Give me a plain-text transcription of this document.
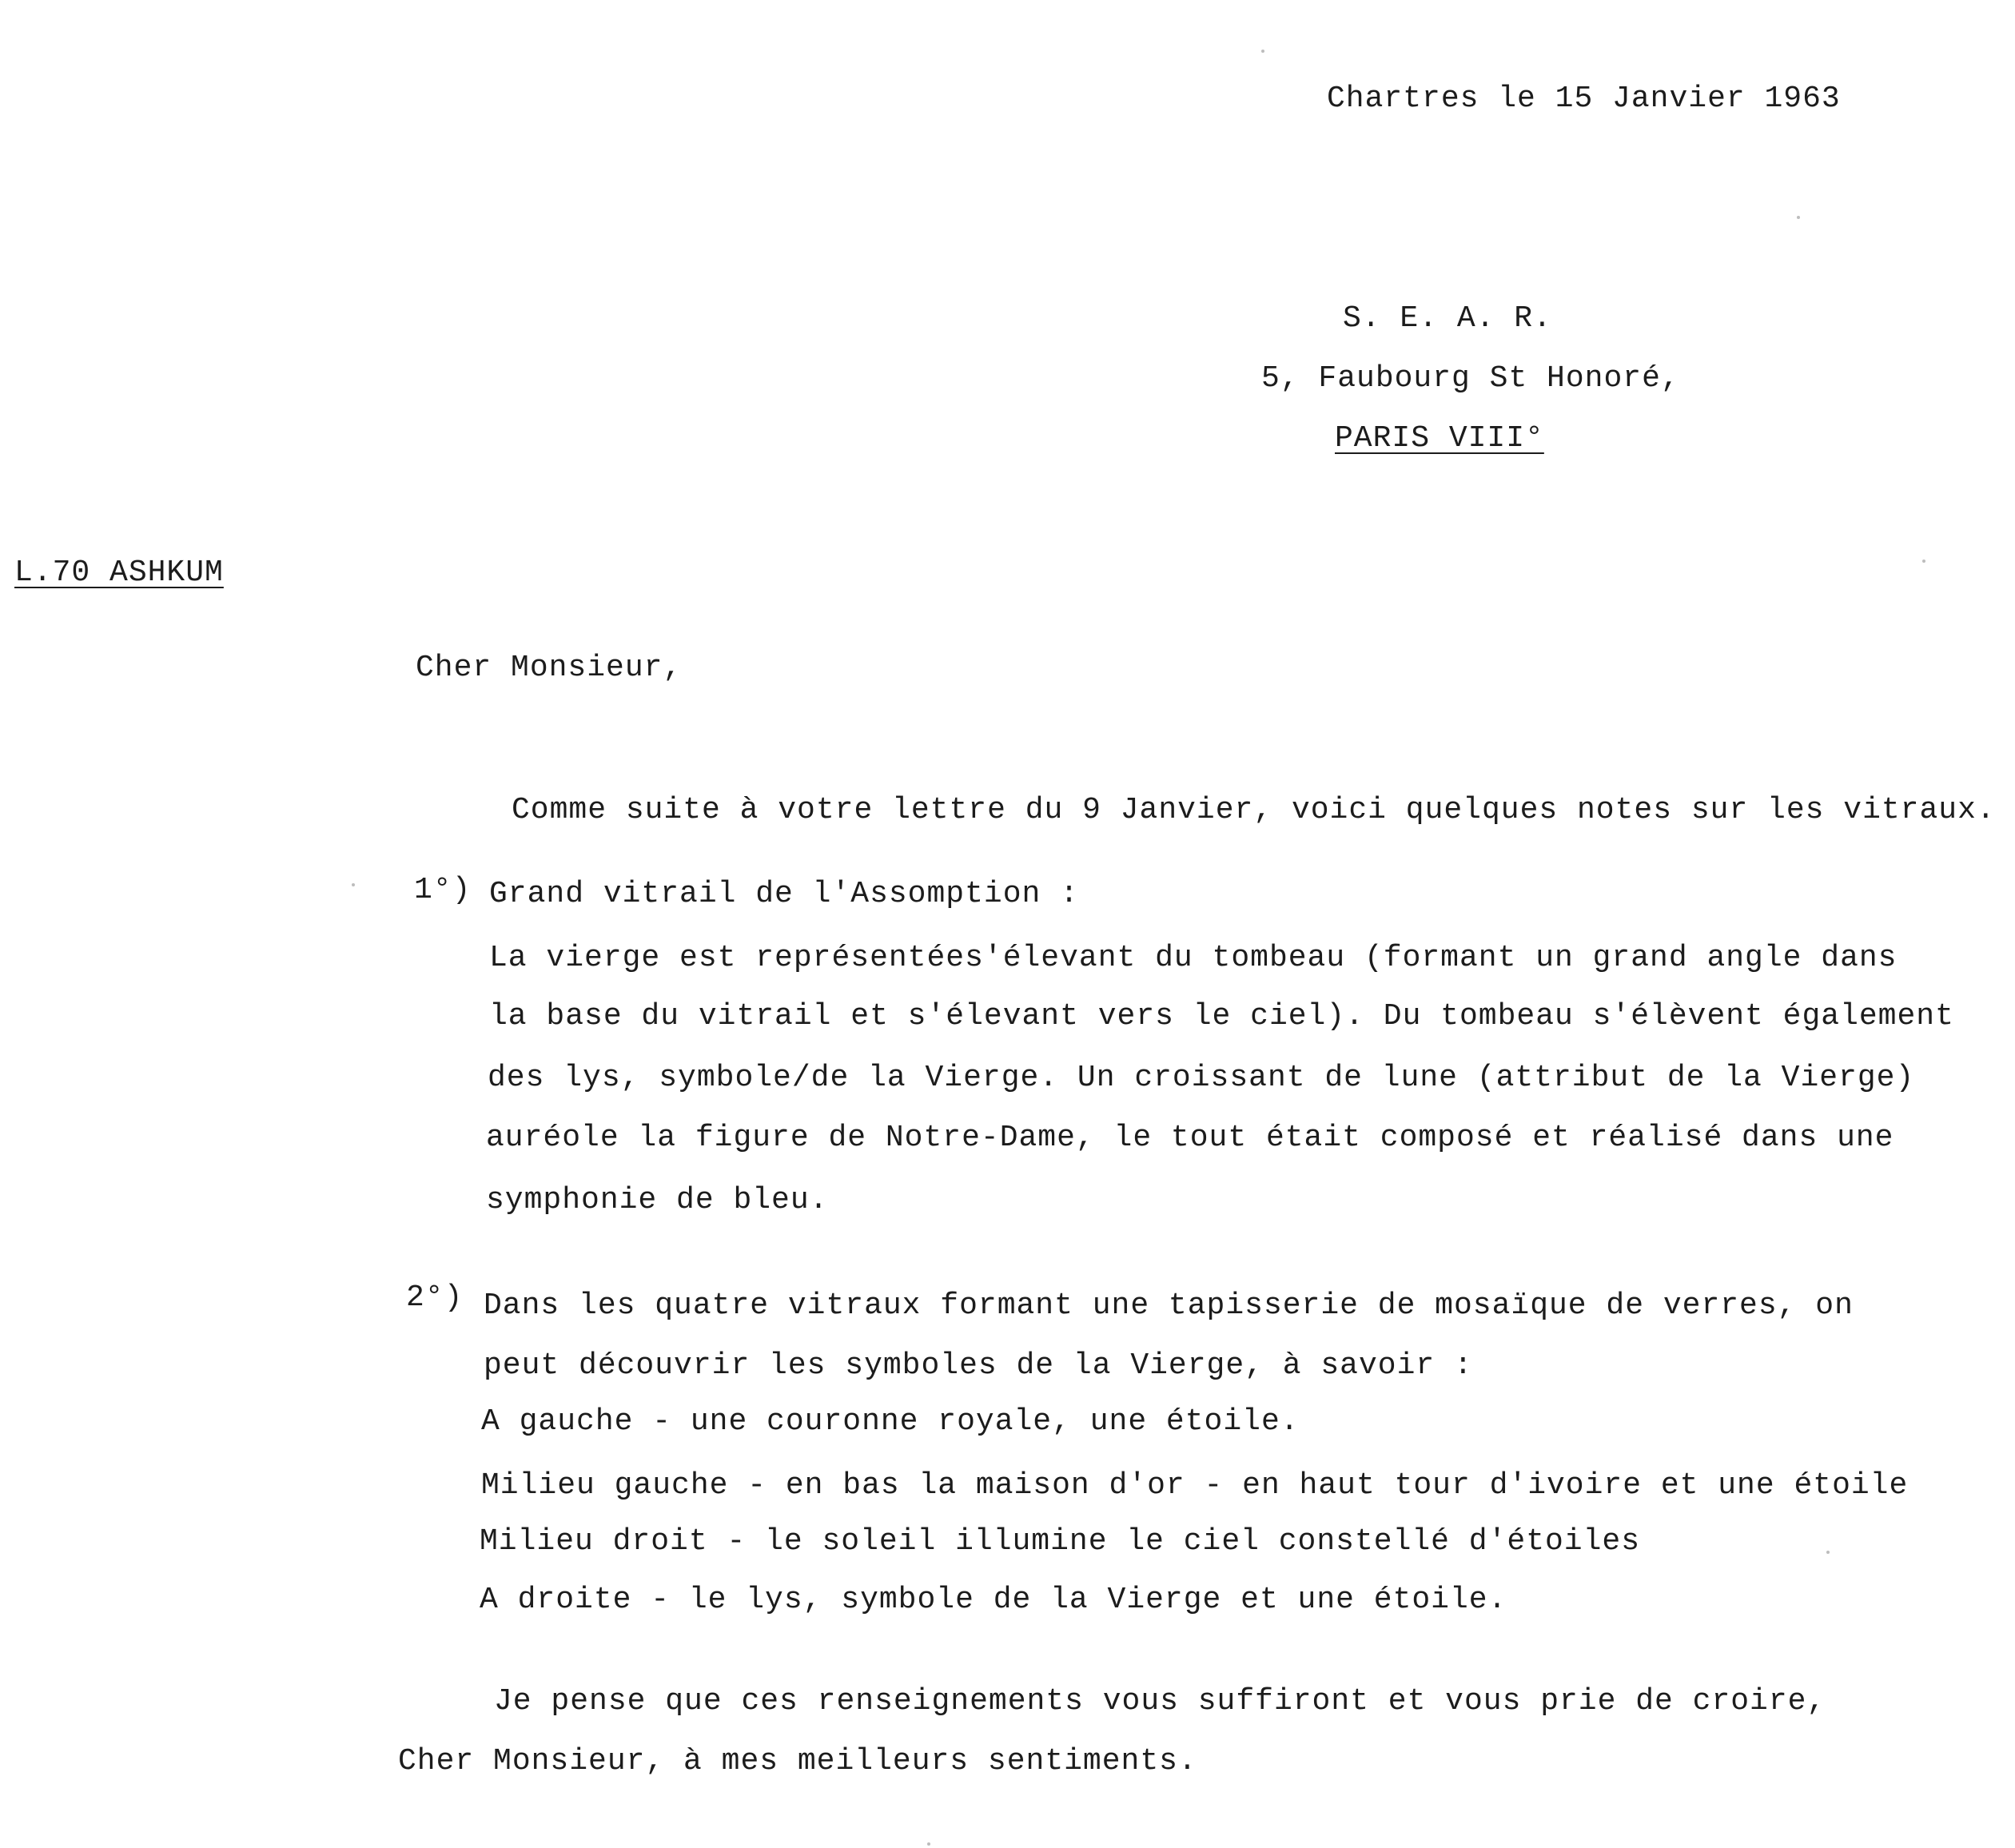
Chartres le 15 Janvier 1963
S. E. A. R.
5, Faubourg St Honoré,
PARIS VIII°
L.70 ASHKUM
Cher Monsieur,
Comme suite à votre lettre du 9 Janvier, voici quelques notes sur les vitraux.
1°) Grand vitrail de l'Assomption :
La vierge est représentées'élevant du tombeau (formant un grand angle dans
la base du vitrail et s'élevant vers le ciel). Du tombeau s'élèvent également
des lys, symbole/de la Vierge. Un croissant de lune (attribut de la Vierge)
auréole la figure de Notre-Dame, le tout était composé et réalisé dans une
symphonie de bleu.
2°) Dans les quatre vitraux formant une tapisserie de mosaïque de verres, on
peut découvrir les symboles de la Vierge, à savoir :
A gauche - une couronne royale, une étoile.
Milieu gauche - en bas la maison d'or - en haut tour d'ivoire et une étoile
Milieu droit - le soleil illumine le ciel constellé d'étoiles
A droite - le lys, symbole de la Vierge et une étoile.
Je pense que ces renseignements vous suffiront et vous prie de croire,
Cher Monsieur, à mes meilleurs sentiments.
